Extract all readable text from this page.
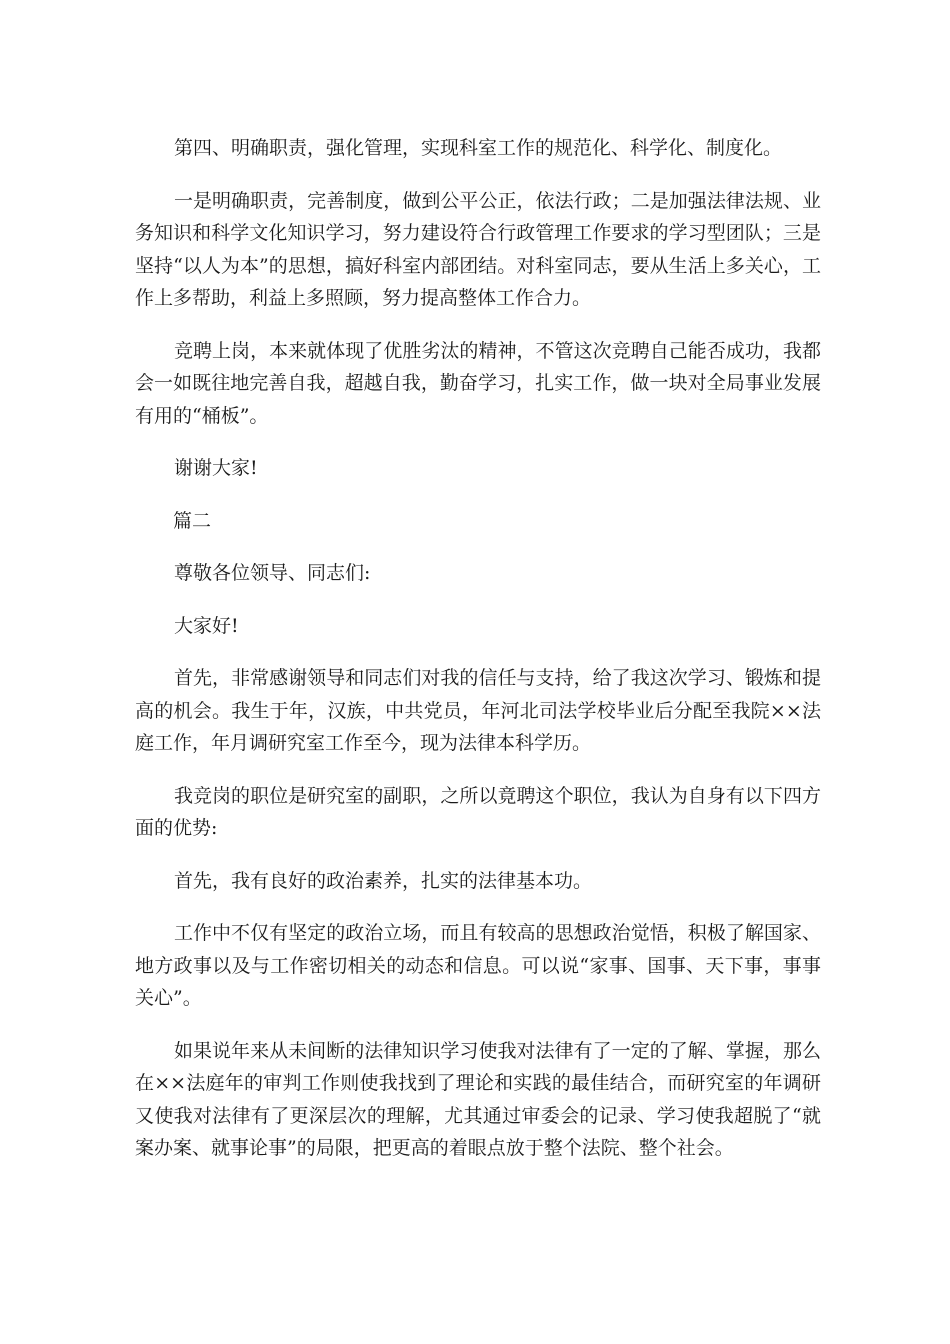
第四、明确职责，强化管理，实现科室工作的规范化、科学化、制度化。

一是明确职责，完善制度，做到公平公正，依法行政；二是加强法律法规、业务知识和科学文化知识学习，努力建设符合行政管理工作要求的学习型团队；三是坚持“以人为本”的思想，搞好科室内部团结。对科室同志，要从生活上多关心，工作上多帮助，利益上多照顾，努力提高整体工作合力。

竞聘上岗，本来就体现了优胜劣汰的精神，不管这次竞聘自己能否成功，我都会一如既往地完善自我，超越自我，勤奋学习，扎实工作，做一块对全局事业发展有用的“桶板”。

谢谢大家!

篇二

尊敬各位领导、同志们:

大家好!

首先，非常感谢领导和同志们对我的信任与支持，给了我这次学习、锻炼和提高的机会。我生于年，汉族，中共党员，年河北司法学校毕业后分配至我院××法庭工作，年月调研究室工作至今，现为法律本科学历。

我竞岗的职位是研究室的副职，之所以竟聘这个职位，我认为自身有以下四方面的优势:

首先，我有良好的政治素养，扎实的法律基本功。

工作中不仅有坚定的政治立场，而且有较高的思想政治觉悟，积极了解国家、地方政事以及与工作密切相关的动态和信息。可以说“家事、国事、天下事，事事关心”。

如果说年来从未间断的法律知识学习使我对法律有了一定的了解、掌握，那么在××法庭年的审判工作则使我找到了理论和实践的最佳结合，而研究室的年调研又使我对法律有了更深层次的理解，尤其通过审委会的记录、学习使我超脱了“就案办案、就事论事”的局限，把更高的着眼点放于整个法院、整个社会。
